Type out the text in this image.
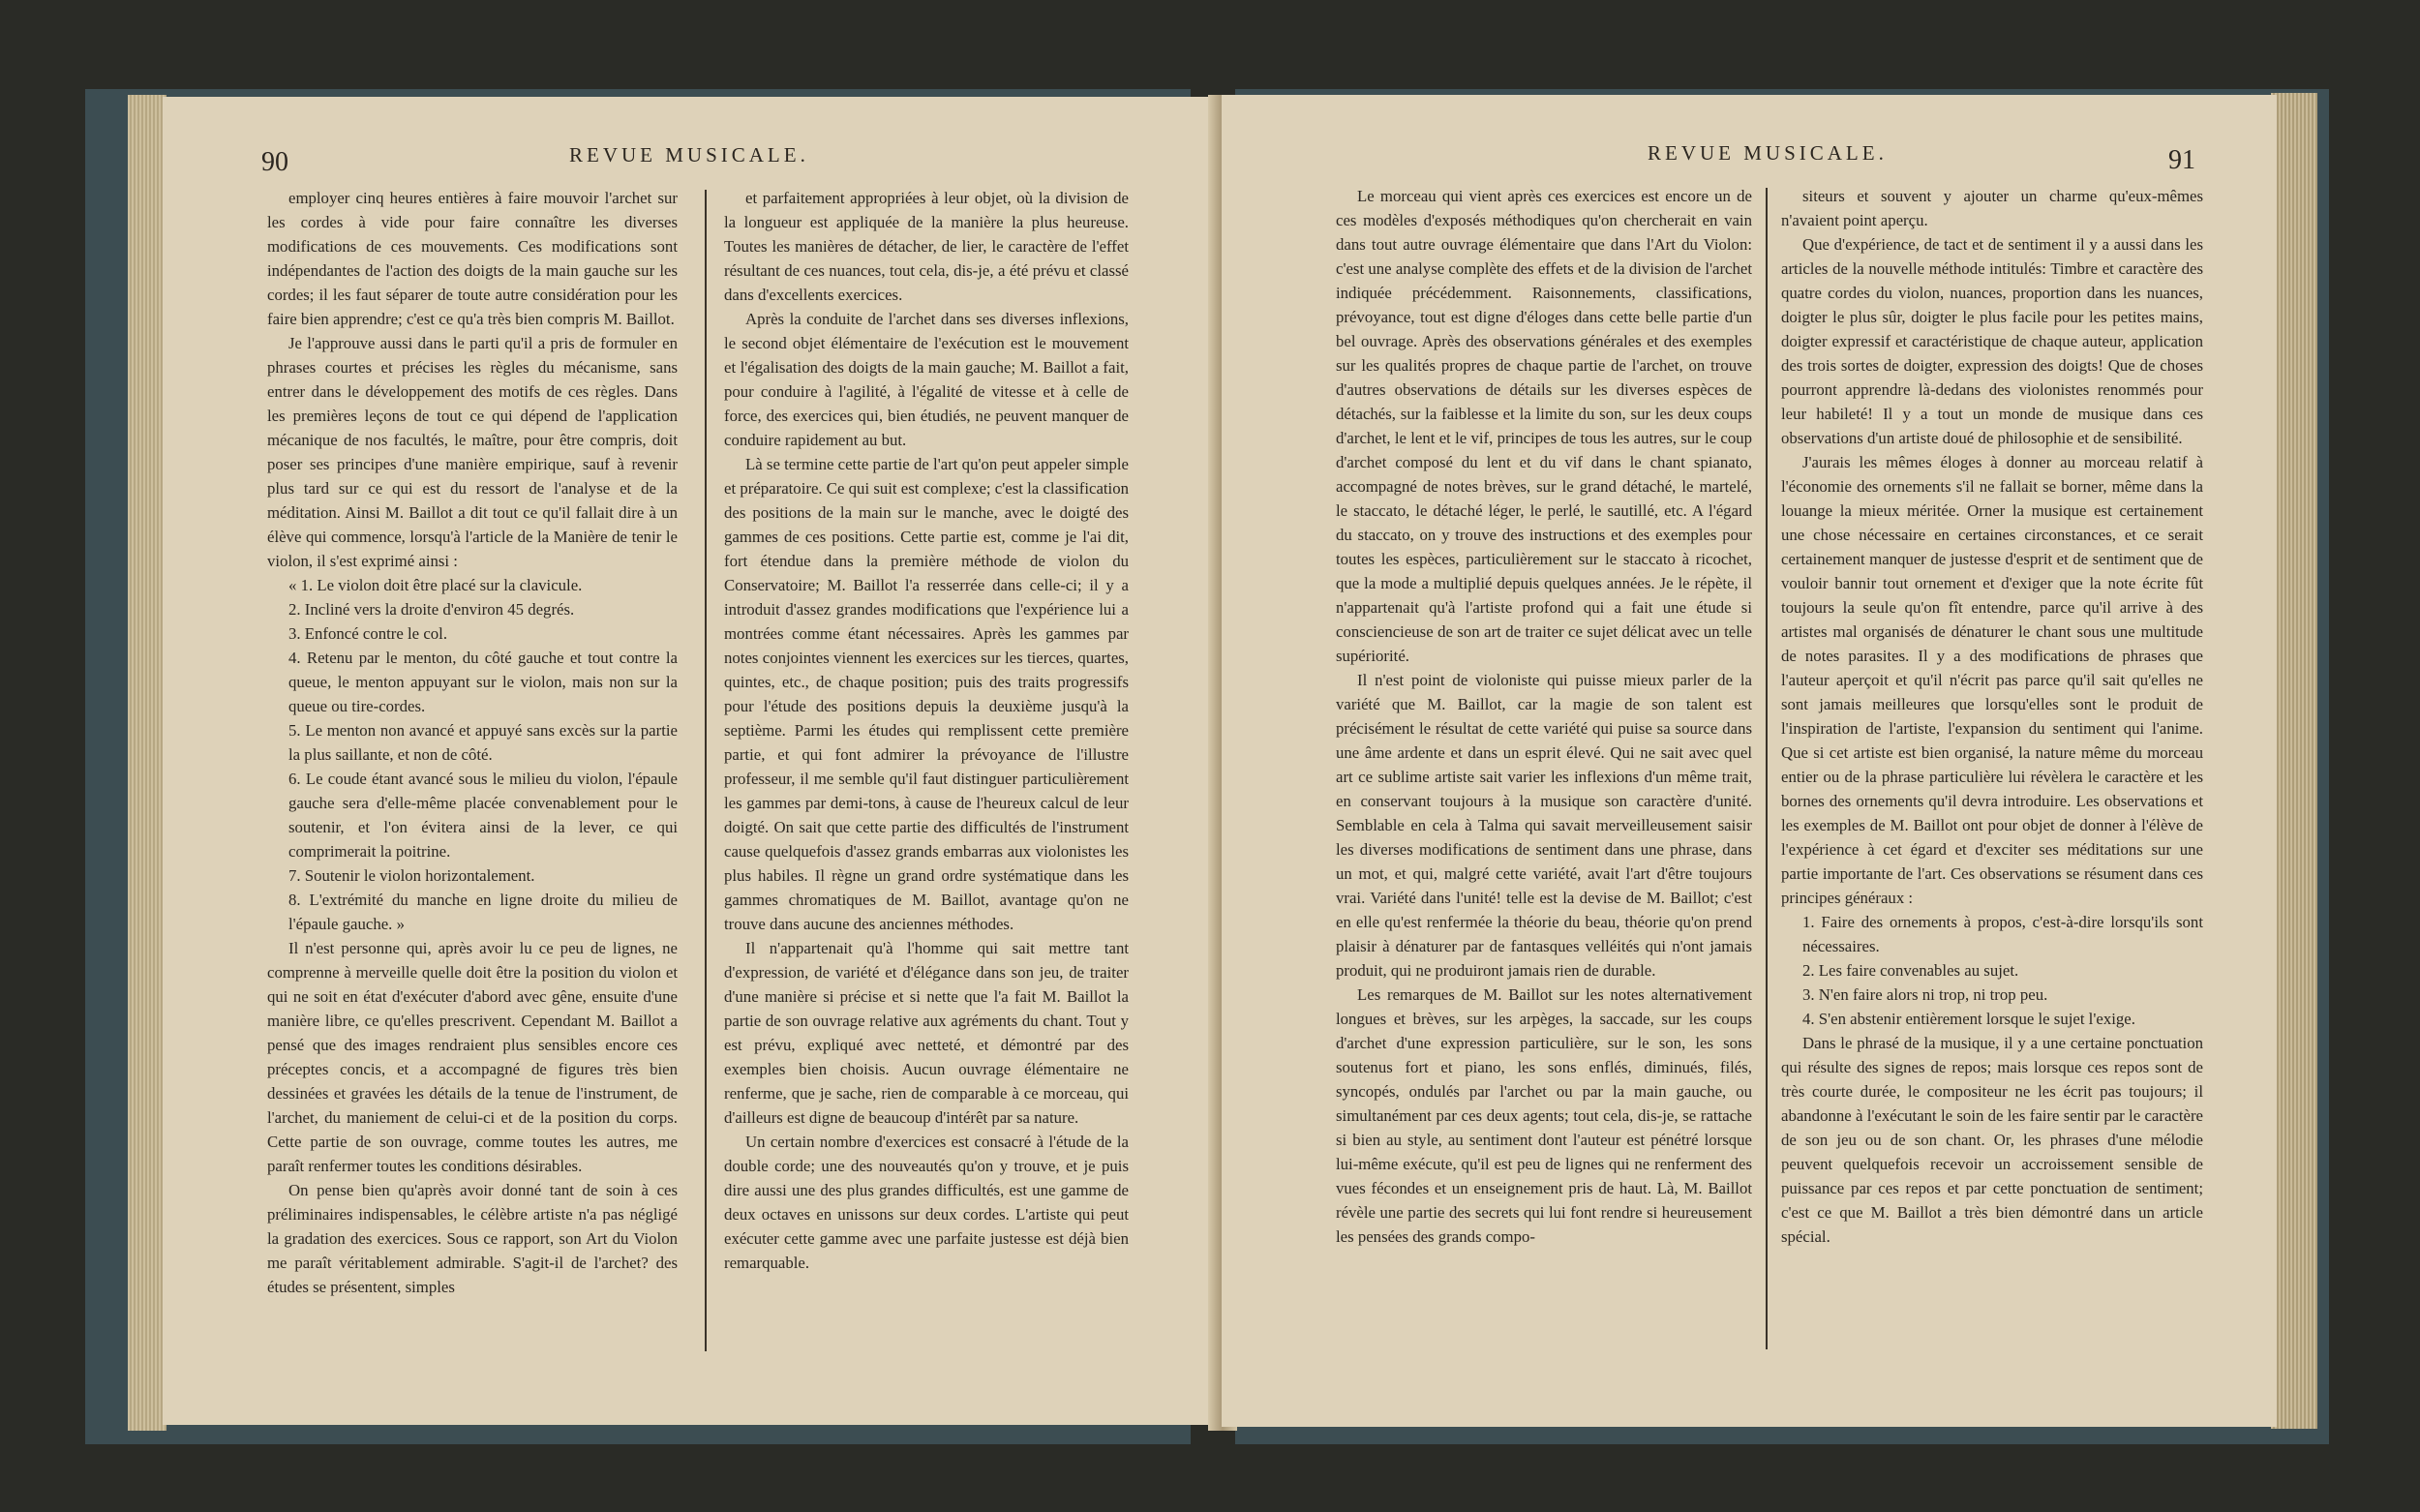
90	REVUE MUSICALE.

employer cinq heures entières à faire mouvoir l'archet sur les cordes à vide pour faire connaître les diverses modifications de ces mouvements. Ces modifications sont indépendantes de l'action des doigts de la main gauche sur les cordes; il les faut séparer de toute autre considération pour les faire bien apprendre; c'est ce qu'a très bien compris M. Baillot.

Je l'approuve aussi dans le parti qu'il a pris de formuler en phrases courtes et précises les règles du mécanisme, sans entrer dans le développement des motifs de ces règles. Dans les premières leçons de tout ce qui dépend de l'application mécanique de nos facultés, le maître, pour être compris, doit poser ses principes d'une manière empirique, sauf à revenir plus tard sur ce qui est du ressort de l'analyse et de la méditation. Ainsi M. Baillot a dit tout ce qu'il fallait dire à un élève qui commence, lorsqu'à l'article de la Manière de tenir le violon, il s'est exprimé ainsi :

« 1. Le violon doit être placé sur la clavicule.

2. Incliné vers la droite d'environ 45 degrés.

3. Enfoncé contre le col.

4. Retenu par le menton, du côté gauche et tout contre la queue, le menton appuyant sur le violon, mais non sur la queue ou tire-cordes.

5. Le menton non avancé et appuyé sans excès sur la partie la plus saillante, et non de côté.

6. Le coude étant avancé sous le milieu du violon, l'épaule gauche sera d'elle-même placée convenablement pour le soutenir, et l'on évitera ainsi de la lever, ce qui comprimerait la poitrine.

7. Soutenir le violon horizontalement.

8. L'extrémité du manche en ligne droite du milieu de l'épaule gauche. »

Il n'est personne qui, après avoir lu ce peu de lignes, ne comprenne à merveille quelle doit être la position du violon et qui ne soit en état d'exécuter d'abord avec gêne, ensuite d'une manière libre, ce qu'elles prescrivent. Cependant M. Baillot a pensé que des images rendraient plus sensibles encore ces préceptes concis, et a accompagné de figures très bien dessinées et gravées les détails de la tenue de l'instrument, de l'archet, du maniement de celui-ci et de la position du corps. Cette partie de son ouvrage, comme toutes les autres, me paraît renfermer toutes les conditions désirables.

On pense bien qu'après avoir donné tant de soin à ces préliminaires indispensables, le célèbre artiste n'a pas négligé la gradation des exercices. Sous ce rapport, son Art du Violon me paraît véritablement admirable. S'agit-il de l'archet? des études se présentent, simples

et parfaitement appropriées à leur objet, où la division de la longueur est appliquée de la manière la plus heureuse. Toutes les manières de détacher, de lier, le caractère de l'effet résultant de ces nuances, tout cela, dis-je, a été prévu et classé dans d'excellents exercices.

Après la conduite de l'archet dans ses diverses inflexions, le second objet élémentaire de l'exécution est le mouvement et l'égalisation des doigts de la main gauche; M. Baillot a fait, pour conduire à l'agilité, à l'égalité de vitesse et à celle de force, des exercices qui, bien étudiés, ne peuvent manquer de conduire rapidement au but.

Là se termine cette partie de l'art qu'on peut appeler simple et préparatoire. Ce qui suit est complexe; c'est la classification des positions de la main sur le manche, avec le doigté des gammes de ces positions. Cette partie est, comme je l'ai dit, fort étendue dans la première méthode de violon du Conservatoire; M. Baillot l'a resserrée dans celle-ci; il y a introduit d'assez grandes modifications que l'expérience lui a montrées comme étant nécessaires. Après les gammes par notes conjointes viennent les exercices sur les tierces, quartes, quintes, etc., de chaque position; puis des traits progressifs pour l'étude des positions depuis la deuxième jusqu'à la septième. Parmi les études qui remplissent cette première partie, et qui font admirer la prévoyance de l'illustre professeur, il me semble qu'il faut distinguer particulièrement les gammes par demi-tons, à cause de l'heureux calcul de leur doigté. On sait que cette partie des difficultés de l'instrument cause quelquefois d'assez grands embarras aux violonistes les plus habiles. Il règne un grand ordre systématique dans les gammes chromatiques de M. Baillot, avantage qu'on ne trouve dans aucune des anciennes méthodes.

Il n'appartenait qu'à l'homme qui sait mettre tant d'expression, de variété et d'élégance dans son jeu, de traiter d'une manière si précise et si nette que l'a fait M. Baillot la partie de son ouvrage relative aux agréments du chant. Tout y est prévu, expliqué avec netteté, et démontré par des exemples bien choisis. Aucun ouvrage élémentaire ne renferme, que je sache, rien de comparable à ce morceau, qui d'ailleurs est digne de beaucoup d'intérêt par sa nature.

Un certain nombre d'exercices est consacré à l'étude de la double corde; une des nouveautés qu'on y trouve, et je puis dire aussi une des plus grandes difficultés, est une gamme de deux octaves en unissons sur deux cordes. L'artiste qui peut exécuter cette gamme avec une parfaite justesse est déjà bien remarquable.

REVUE MUSICALE.	91

Le morceau qui vient après ces exercices est encore un de ces modèles d'exposés méthodiques qu'on chercherait en vain dans tout autre ouvrage élémentaire que dans l'Art du Violon: c'est une analyse complète des effets et de la division de l'archet indiquée précédemment. Raisonnements, classifications, prévoyance, tout est digne d'éloges dans cette belle partie d'un bel ouvrage. Après des observations générales et des exemples sur les qualités propres de chaque partie de l'archet, on trouve d'autres observations de détails sur les diverses espèces de détachés, sur la faiblesse et la limite du son, sur les deux coups d'archet, le lent et le vif, principes de tous les autres, sur le coup d'archet composé du lent et du vif dans le chant spianato, accompagné de notes brèves, sur le grand détaché, le martelé, le staccato, le détaché léger, le perlé, le sautillé, etc. A l'égard du staccato, on y trouve des instructions et des exemples pour toutes les espèces, particulièrement sur le staccato à ricochet, que la mode a multiplié depuis quelques années. Je le répète, il n'appartenait qu'à l'artiste profond qui a fait une étude si consciencieuse de son art de traiter ce sujet délicat avec un telle supériorité.

Il n'est point de violoniste qui puisse mieux parler de la variété que M. Baillot, car la magie de son talent est précisément le résultat de cette variété qui puise sa source dans une âme ardente et dans un esprit élevé. Qui ne sait avec quel art ce sublime artiste sait varier les inflexions d'un même trait, en conservant toujours à la musique son caractère d'unité. Semblable en cela à Talma qui savait merveilleusement saisir les diverses modifications de sentiment dans une phrase, dans un mot, et qui, malgré cette variété, avait l'art d'être toujours vrai. Variété dans l'unité! telle est la devise de M. Baillot; c'est en elle qu'est renfermée la théorie du beau, théorie qu'on prend plaisir à dénaturer par de fantasques velléités qui n'ont jamais produit, qui ne produiront jamais rien de durable.

Les remarques de M. Baillot sur les notes alternativement longues et brèves, sur les arpèges, la saccade, sur les coups d'archet d'une expression particulière, sur le son, les sons soutenus fort et piano, les sons enflés, diminués, filés, syncopés, ondulés par l'archet ou par la main gauche, ou simultanément par ces deux agents; tout cela, dis-je, se rattache si bien au style, au sentiment dont l'auteur est pénétré lorsque lui-même exécute, qu'il est peu de lignes qui ne renferment des vues fécondes et un enseignement pris de haut. Là, M. Baillot révèle une partie des secrets qui lui font rendre si heureusement les pensées des grands compo-

siteurs et souvent y ajouter un charme qu'eux-mêmes n'avaient point aperçu.

Que d'expérience, de tact et de sentiment il y a aussi dans les articles de la nouvelle méthode intitulés: Timbre et caractère des quatre cordes du violon, nuances, proportion dans les nuances, doigter le plus sûr, doigter le plus facile pour les petites mains, doigter expressif et caractéristique de chaque auteur, application des trois sortes de doigter, expression des doigts! Que de choses pourront apprendre là-dedans des violonistes renommés pour leur habileté! Il y a tout un monde de musique dans ces observations d'un artiste doué de philosophie et de sensibilité.

J'aurais les mêmes éloges à donner au morceau relatif à l'économie des ornements s'il ne fallait se borner, même dans la louange la mieux méritée. Orner la musique est certainement une chose nécessaire en certaines circonstances, et ce serait certainement manquer de justesse d'esprit et de sentiment que de vouloir bannir tout ornement et d'exiger que la note écrite fût toujours la seule qu'on fît entendre, parce qu'il arrive à des artistes mal organisés de dénaturer le chant sous une multitude de notes parasites. Il y a des modifications de phrases que l'auteur aperçoit et qu'il n'écrit pas parce qu'il sait qu'elles ne sont jamais meilleures que lorsqu'elles sont le produit de l'inspiration de l'artiste, l'expansion du sentiment qui l'anime. Que si cet artiste est bien organisé, la nature même du morceau entier ou de la phrase particulière lui révèlera le caractère et les bornes des ornements qu'il devra introduire. Les observations et les exemples de M. Baillot ont pour objet de donner à l'élève de l'expérience à cet égard et d'exciter ses méditations sur une partie importante de l'art. Ces observations se résument dans ces principes généraux :

1. Faire des ornements à propos, c'est-à-dire lorsqu'ils sont nécessaires.

2. Les faire convenables au sujet.

3. N'en faire alors ni trop, ni trop peu.

4. S'en abstenir entièrement lorsque le sujet l'exige.

Dans le phrasé de la musique, il y a une certaine ponctuation qui résulte des signes de repos; mais lorsque ces repos sont de très courte durée, le compositeur ne les écrit pas toujours; il abandonne à l'exécutant le soin de les faire sentir par le caractère de son jeu ou de son chant. Or, les phrases d'une mélodie peuvent quelquefois recevoir un accroissement sensible de puissance par ces repos et par cette ponctuation de sentiment; c'est ce que M. Baillot a très bien démontré dans un article spécial.
